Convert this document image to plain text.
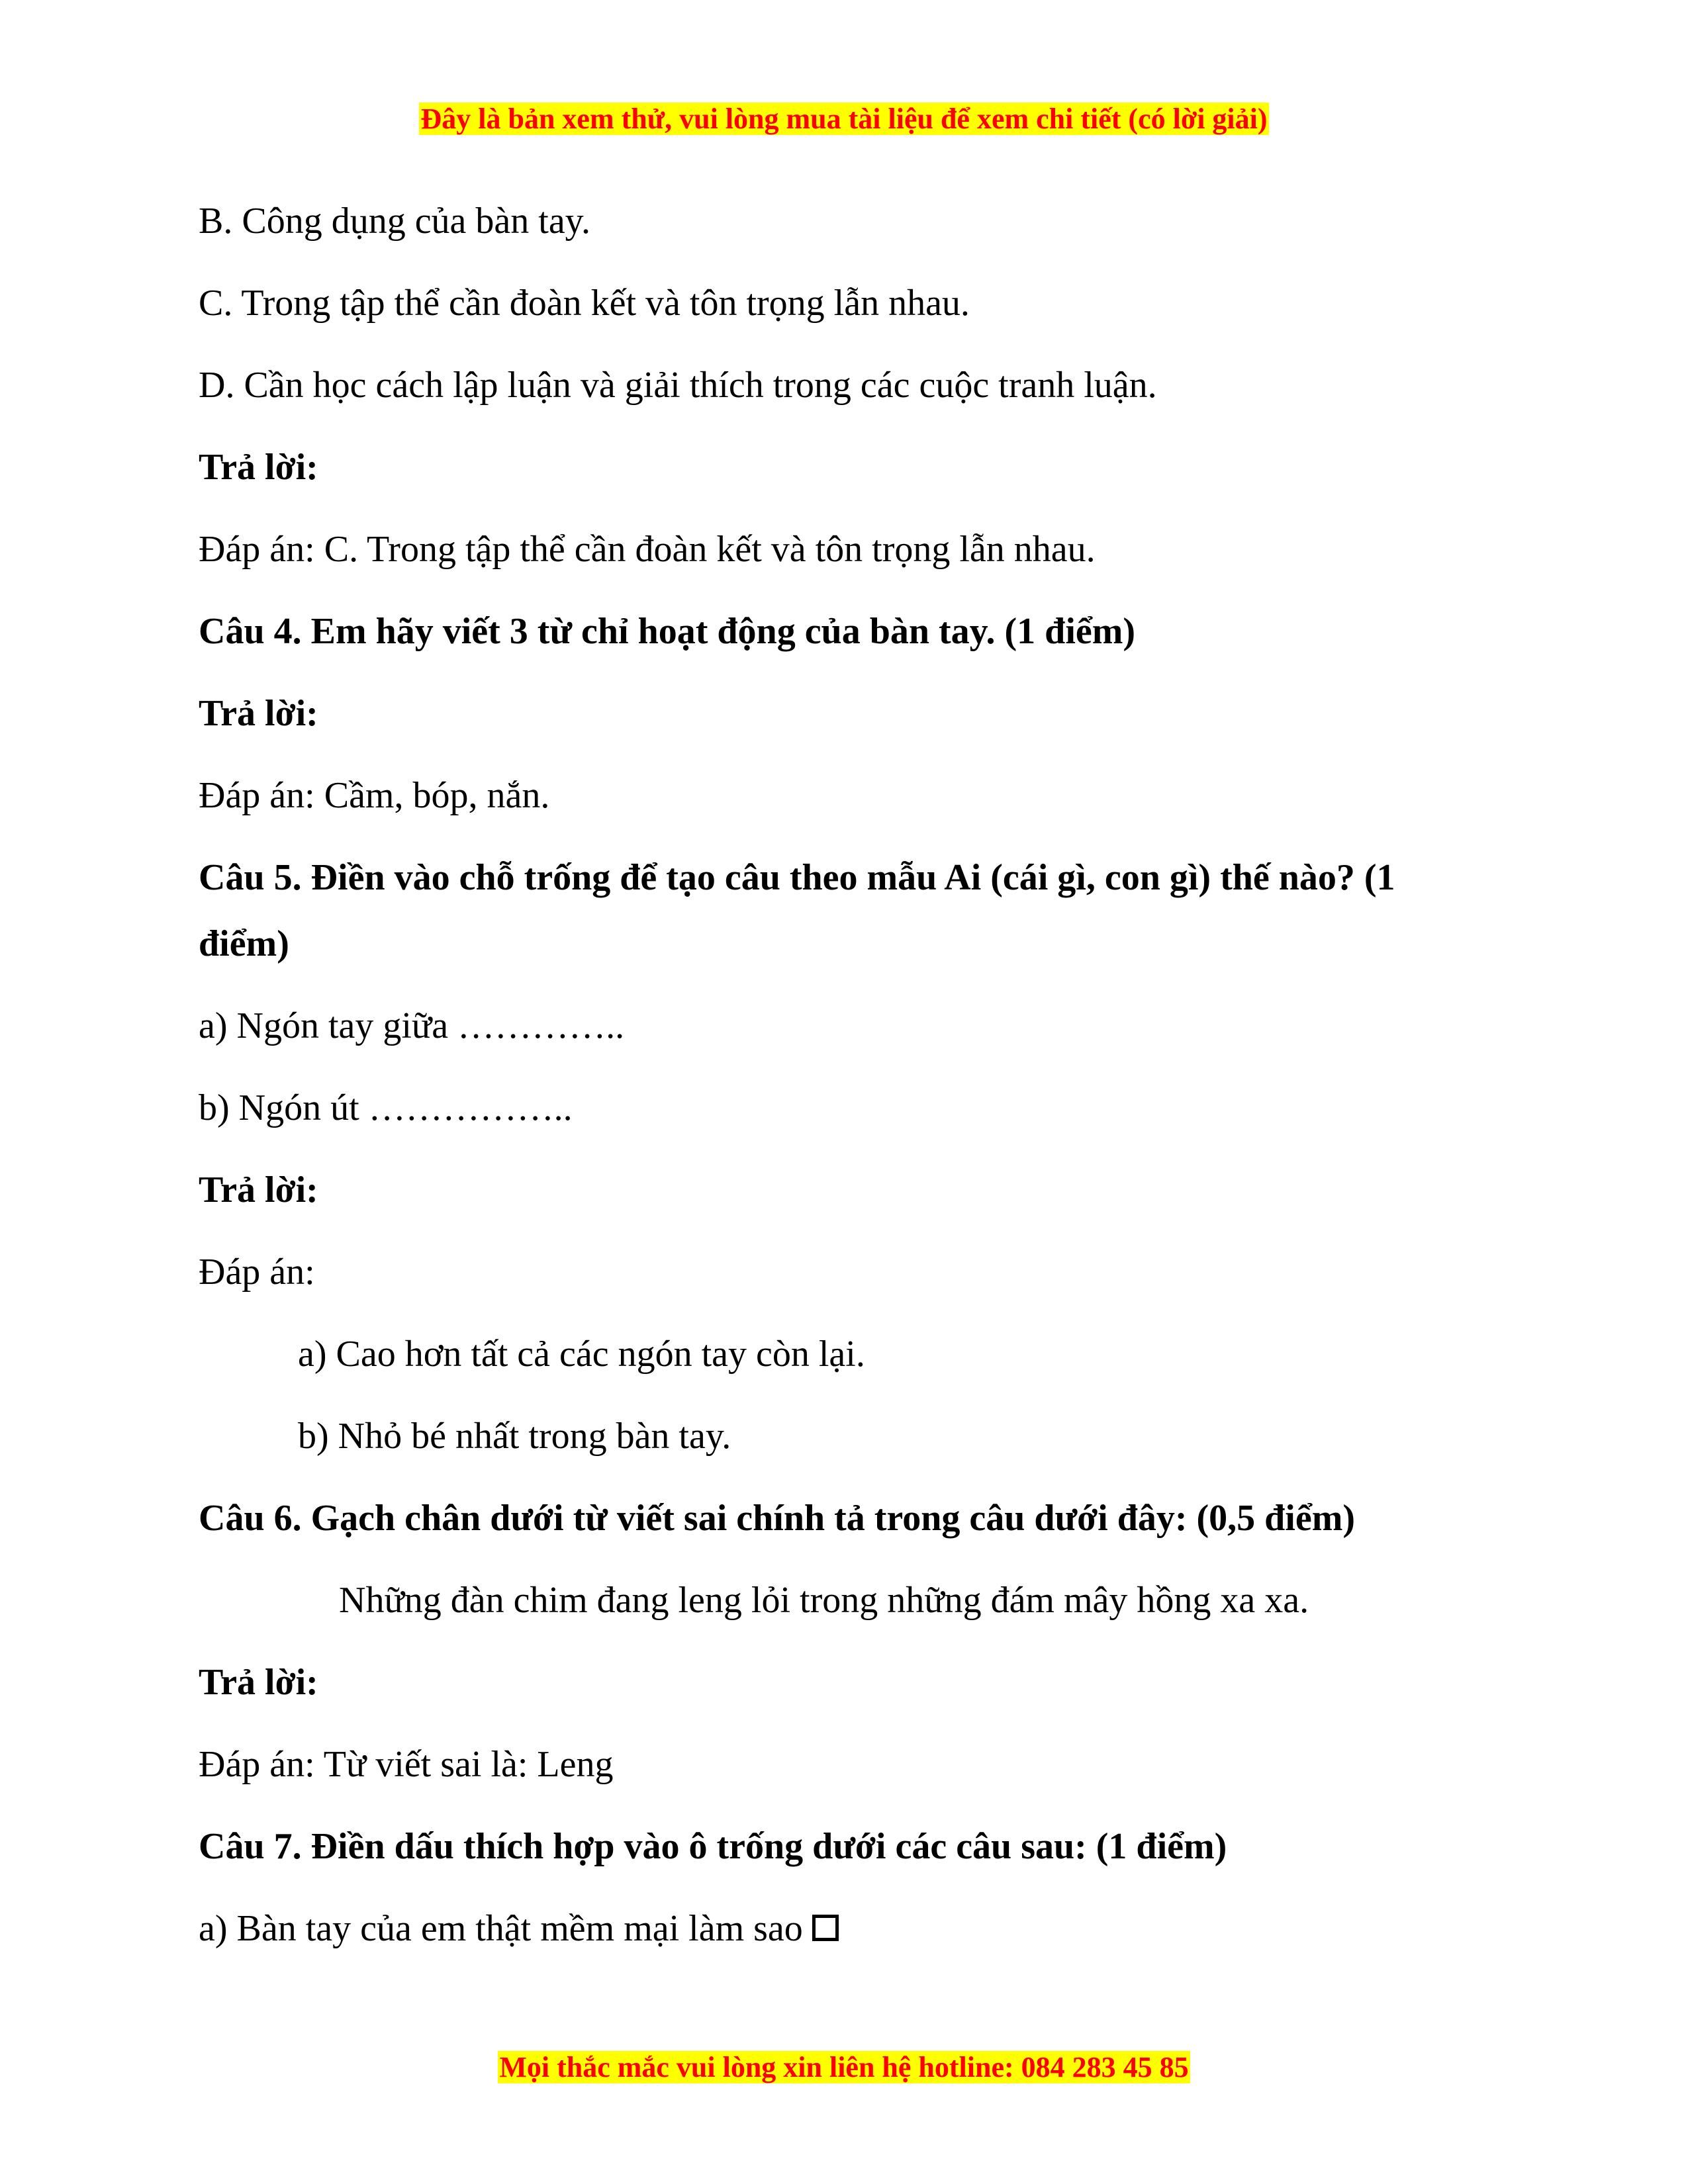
Đây là bản xem thử, vui lòng mua tài liệu để xem chi tiết (có lời giải)
B. Công dụng của bàn tay.
C. Trong tập thể cần đoàn kết và tôn trọng lẫn nhau.
D. Cần học cách lập luận và giải thích trong các cuộc tranh luận.
Trả lời:
Đáp án: C. Trong tập thể cần đoàn kết và tôn trọng lẫn nhau.
Câu 4. Em hãy viết 3 từ chỉ hoạt động của bàn tay. (1 điểm)
Trả lời:
Đáp án: Cầm, bóp, nắn.
Câu 5. Điền vào chỗ trống để tạo câu theo mẫu Ai (cái gì, con gì) thế nào? (1 điểm)
a) Ngón tay giữa …………..
b) Ngón út ……………..
Trả lời:
Đáp án:
a) Cao hơn tất cả các ngón tay còn lại.
b) Nhỏ bé nhất trong bàn tay.
Câu 6. Gạch chân dưới từ viết sai chính tả trong câu dưới đây: (0,5 điểm)
Những đàn chim đang leng lỏi trong những đám mây hồng xa xa.
Trả lời:
Đáp án: Từ viết sai là: Leng
Câu 7. Điền dấu thích hợp vào ô trống dưới các câu sau: (1 điểm)
a) Bàn tay của em thật mềm mại làm sao
Mọi thắc mắc vui lòng xin liên hệ hotline: 084 283 45 85
